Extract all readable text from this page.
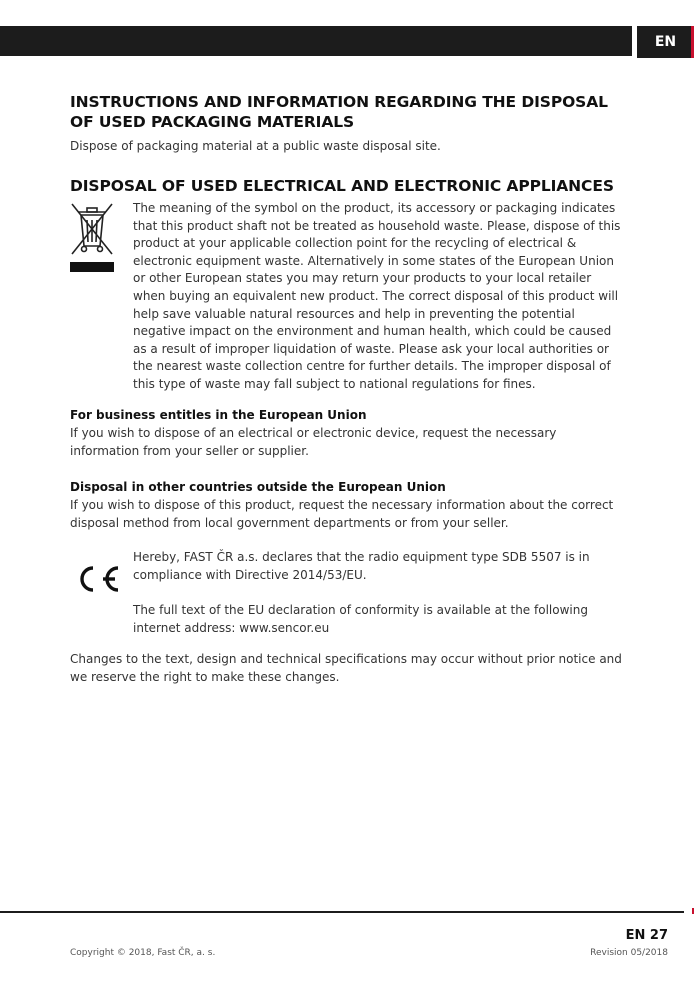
EN
INSTRUCTIONS AND INFORMATION REGARDING THE DISPOSAL OF USED PACKAGING MATERIALS

Dispose of packaging material at a public waste disposal site.

DISPOSAL OF USED ELECTRICAL AND ELECTRONIC APPLIANCES

The meaning of the symbol on the product, its accessory or packaging indicates that this product shaft not be treated as household waste. Please, dispose of this product at your applicable collection point for the recycling of electrical & electronic equipment waste. Alternatively in some states of the European Union or other European states you may return your products to your local retailer when buying an equivalent new product. The correct disposal of this product will help save valuable natural resources and help in preventing the potential negative impact on the environment and human health, which could be caused as a result of improper liquidation of waste. Please ask your local authorities or the nearest waste collection centre for further details. The improper disposal of this type of waste may fall subject to national regulations for fines.

For business entitles in the European Union

If you wish to dispose of an electrical or electronic device, request the necessary information from your seller or supplier.

Disposal in other countries outside the European Union

If you wish to dispose of this product, request the necessary information about the correct disposal method from local government departments or from your seller.

Hereby, FAST ČR a.s. declares that the radio equipment type SDB 5507 is in compliance with Directive 2014/53/EU.

The full text of the EU declaration of conformity is available at the following internet address: www.sencor.eu

Changes to the text, design and technical specifications may occur without prior notice and we reserve the right to make these changes.

EN 27
Copyright © 2018, Fast ČR, a. s.	Revision 05/2018
